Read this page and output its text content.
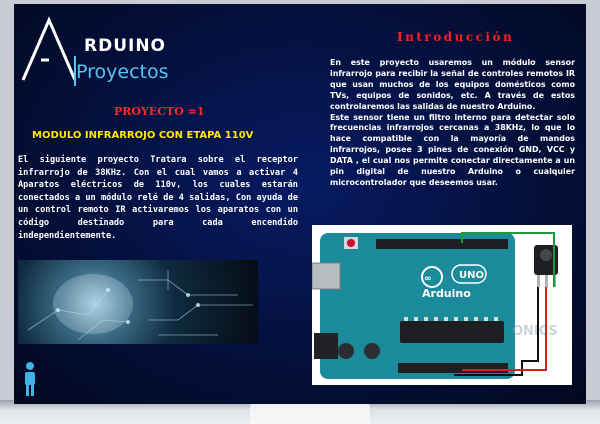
RDUINO
Proyectos
PROYECTO =1
MODULO INFRARROJO CON ETAPA 110V

El siguiente proyecto Tratara sobre el receptor infrarrojo de 38KHz. Con el cual vamos a activar 4 Aparatos eléctricos de 110v, los cuales estarán conectados a un módulo relé de 4 salidas, Con ayuda de un control remoto IR activaremos los aparatos con un código destinado para cada encendido independientemente.

Introducción
En este proyecto usaremos un módulo sensor infrarrojo para recibir la señal de controles remotos IR que usan muchos de los equipos domésticos como TVs, equipos de sonidos, etc. A través de estos controlaremos las salidas de nuestro Arduino.
Este sensor tiene un filtro interno para detectar solo frecuencias infrarrojos cercanas a 38KHz, lo que lo hace compatible con la mayoría de mandos infrarrojos, posee 3 pines de conexión GND, VCC y DATA , el cual nos permite conectar directamente a un pin digital de nuestro Arduino o cualquier microcontrolador que deseemos usar.
∞
Arduino
UNO
ONICS
